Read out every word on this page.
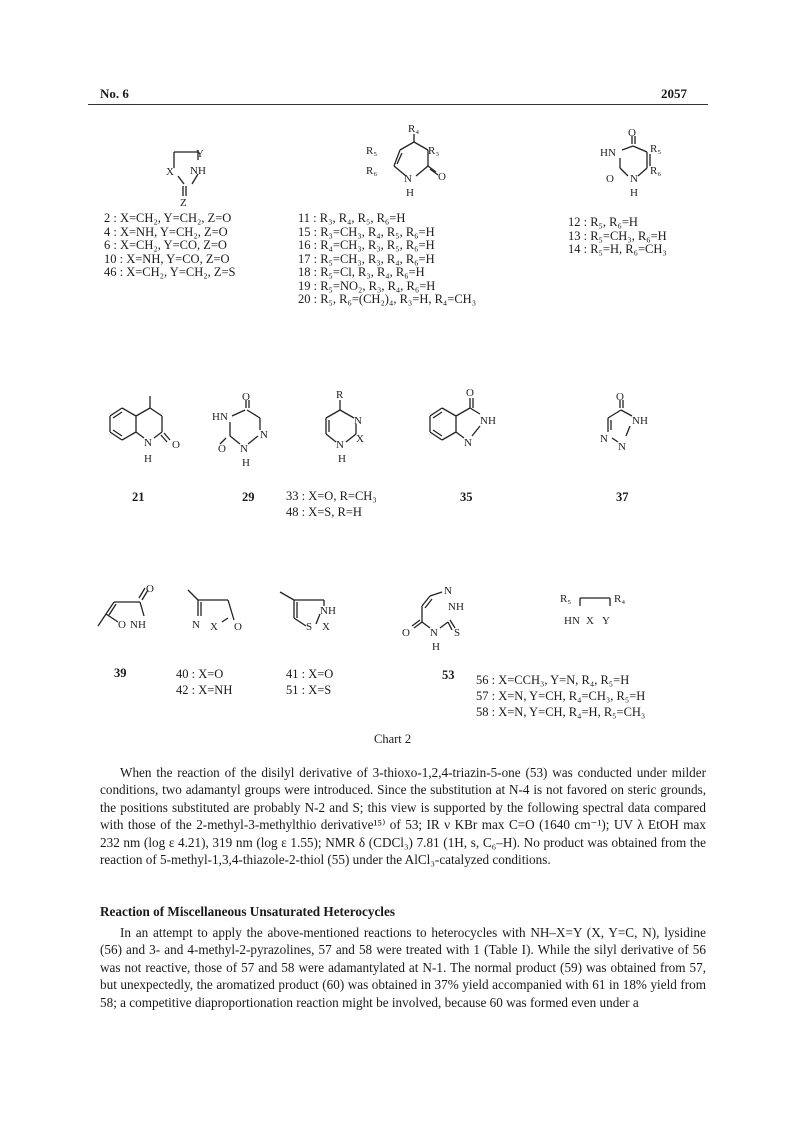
No. 6	2057
Y
X NH
Z
R₄
R₅	R₃
R₆
N O
H
O
HN	R₅
R₆
O N
H
2 : X=CH₂, Y=CH₂, Z=O
4 : X=NH, Y=CH₂, Z=O
6 : X=CH₂, Y=CO, Z=O
10 : X=NH, Y=CO, Z=O
46 : X=CH₂, Y=CH₂, Z=S
11 : R₃, R₄, R₅, R₆=H
15 : R₃=CH₃, R₄, R₅, R₆=H
16 : R₄=CH₃, R₃, R₅, R₆=H
17 : R₅=CH₃, R₃, R₄, R₆=H
18 : R₅=Cl, R₃, R₄, R₆=H
19 : R₅=NO₂, R₃, R₄, R₆=H
20 : R₅, R₆=(CH₂)₄, R₃=H, R₄=CH₃
12 : R₅, R₆=H
13 : R₅=CH₃, R₆=H
14 : R₅=H, R₆=CH₃
N O
H
O
HN
N
O N
H
R
N
X
N
H
O
NH
N
O
NH
N
N
21	29	33 : X=O, R=CH₃
48 : X=S, R=H
35	37
O
O NH	N X O
NH
S X
N
NH
O N S
H
R₅	R₄
HN X Y
39	40 : X=O
42 : X=NH
41 : X=O
51 : X=S
53 56 : X=CCH₃, Y=N, R₄, R₅=H
57 : X=N, Y=CH, R₄=CH₃, R₅=H
58 : X=N, Y=CH, R₄=H, R₅=CH₃
Chart 2

When the reaction of the disilyl derivative of 3-thioxo-1,2,4-triazin-5-one (53) was conducted under milder conditions, two adamantyl groups were introduced. Since the substitution at N-4 is not favored on steric grounds, the positions substituted are probably N-2 and S; this view is supported by the following spectral data compared with those of the 2-methyl-3-methylthio derivative¹⁵⁾ of 53; IR ν KBr max C=O (1640 cm⁻¹); UV λ EtOH max 232 nm (log ε 4.21), 319 nm (log ε 1.55); NMR δ (CDCl₃) 7.81 (1H, s, C₆–H). No product was obtained from the reaction of 5-methyl-1,3,4-thiazole-2-thiol (55) under the AlCl₃-catalyzed conditions.

Reaction of Miscellaneous Unsaturated Heterocycles

In an attempt to apply the above-mentioned reactions to heterocycles with NH–X=Y (X, Y=C, N), lysidine (56) and 3- and 4-methyl-2-pyrazolines, 57 and 58 were treated with 1 (Table I). While the silyl derivative of 56 was not reactive, those of 57 and 58 were adamantylated at N-1. The normal product (59) was obtained from 57, but unexpectedly, the aromatized product (60) was obtained in 37% yield accompanied with 61 in 18% yield from 58; a competitive diaproportionation reaction might be involved, because 60 was formed even under a
